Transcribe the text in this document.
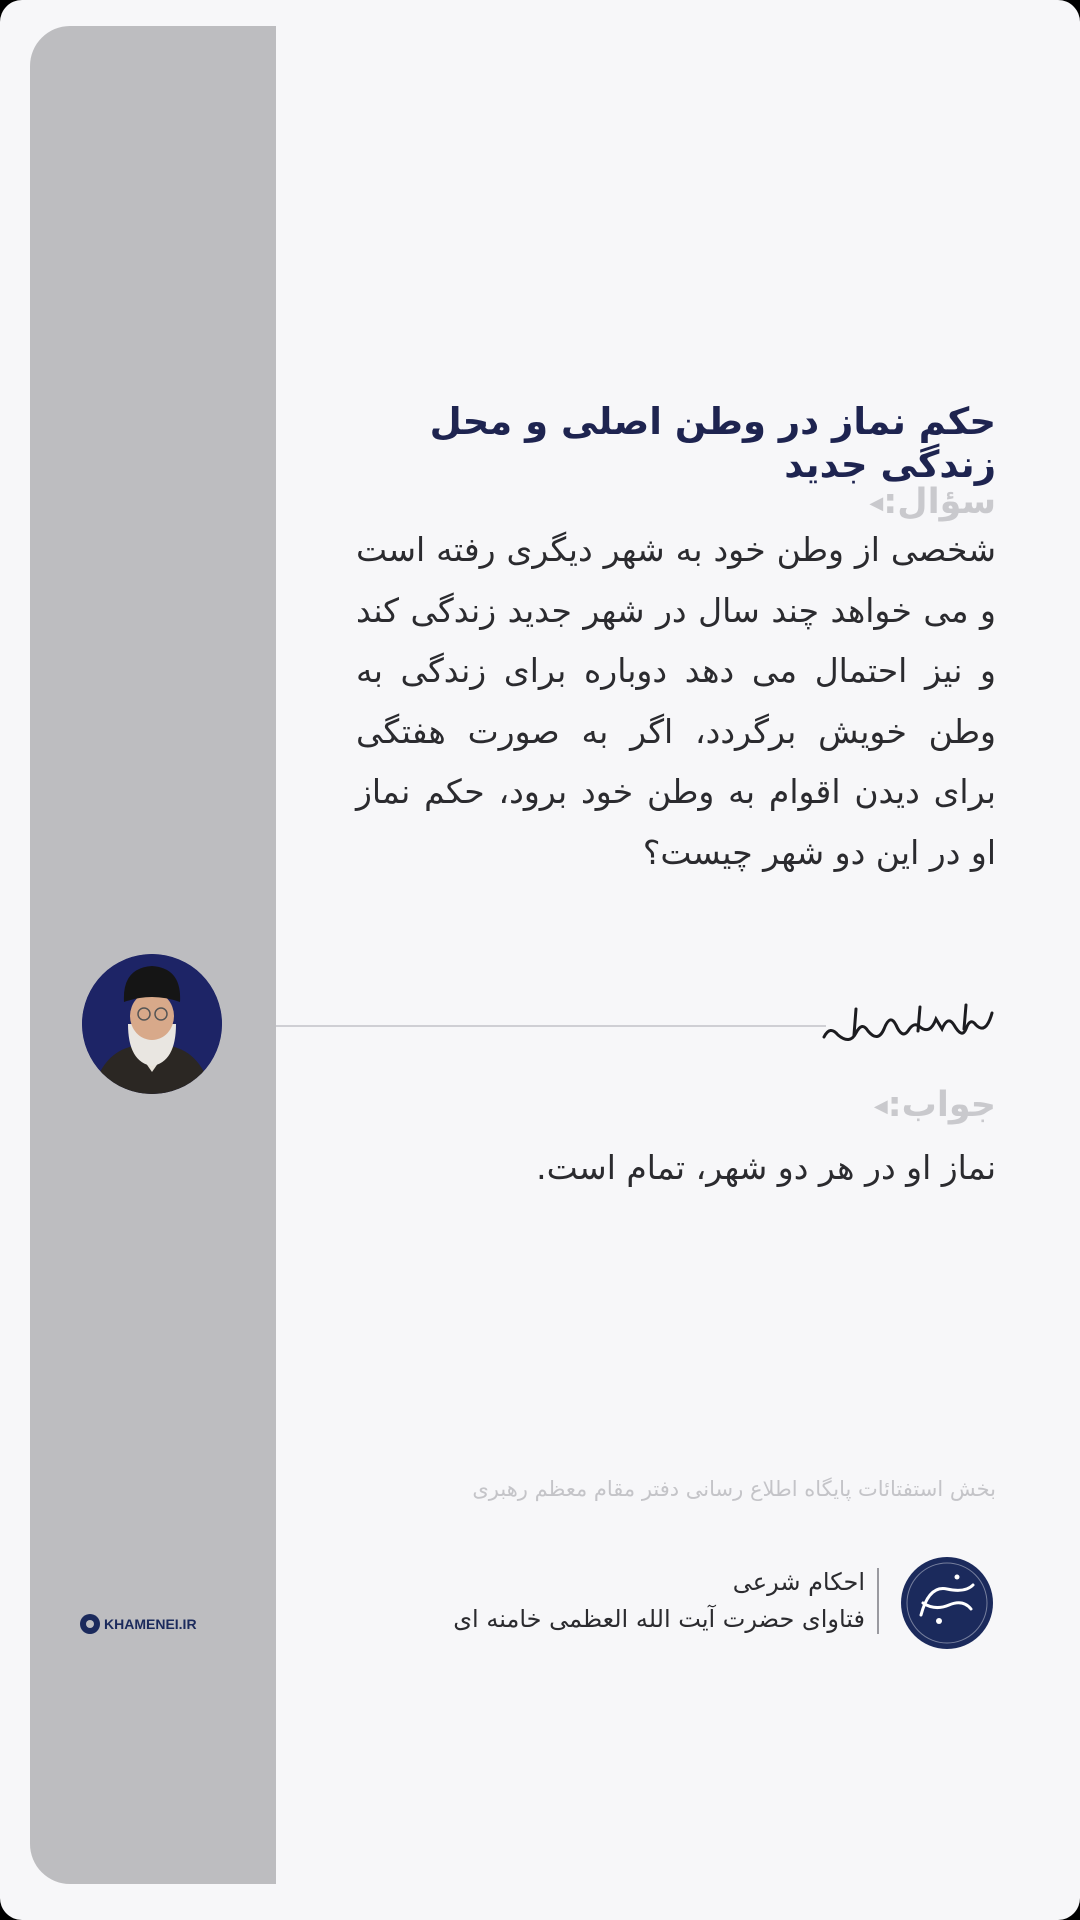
حکم نماز در وطن اصلی و محل زندگی جدید
سؤال:◀

شخصی از وطن خود به شهر دیگری رفته است و می خواهد چند سال در شهر جدید زندگی کند و نیز احتمال می دهد دوباره برای زندگی به وطن خویش برگردد، اگر به صورت هفتگی برای دیدن اقوام به وطن خود برود، حکم نماز او در این دو شهر چیست؟

جواب:◀

نماز او در هر دو شهر، تمام است.

بخش استفتائات پایگاه اطلاع رسانی دفتر مقام معظم رهبری

احکام شرعی
فتاوای حضرت آیت الله العظمی خامنه ای
KHAMENEI.IR
